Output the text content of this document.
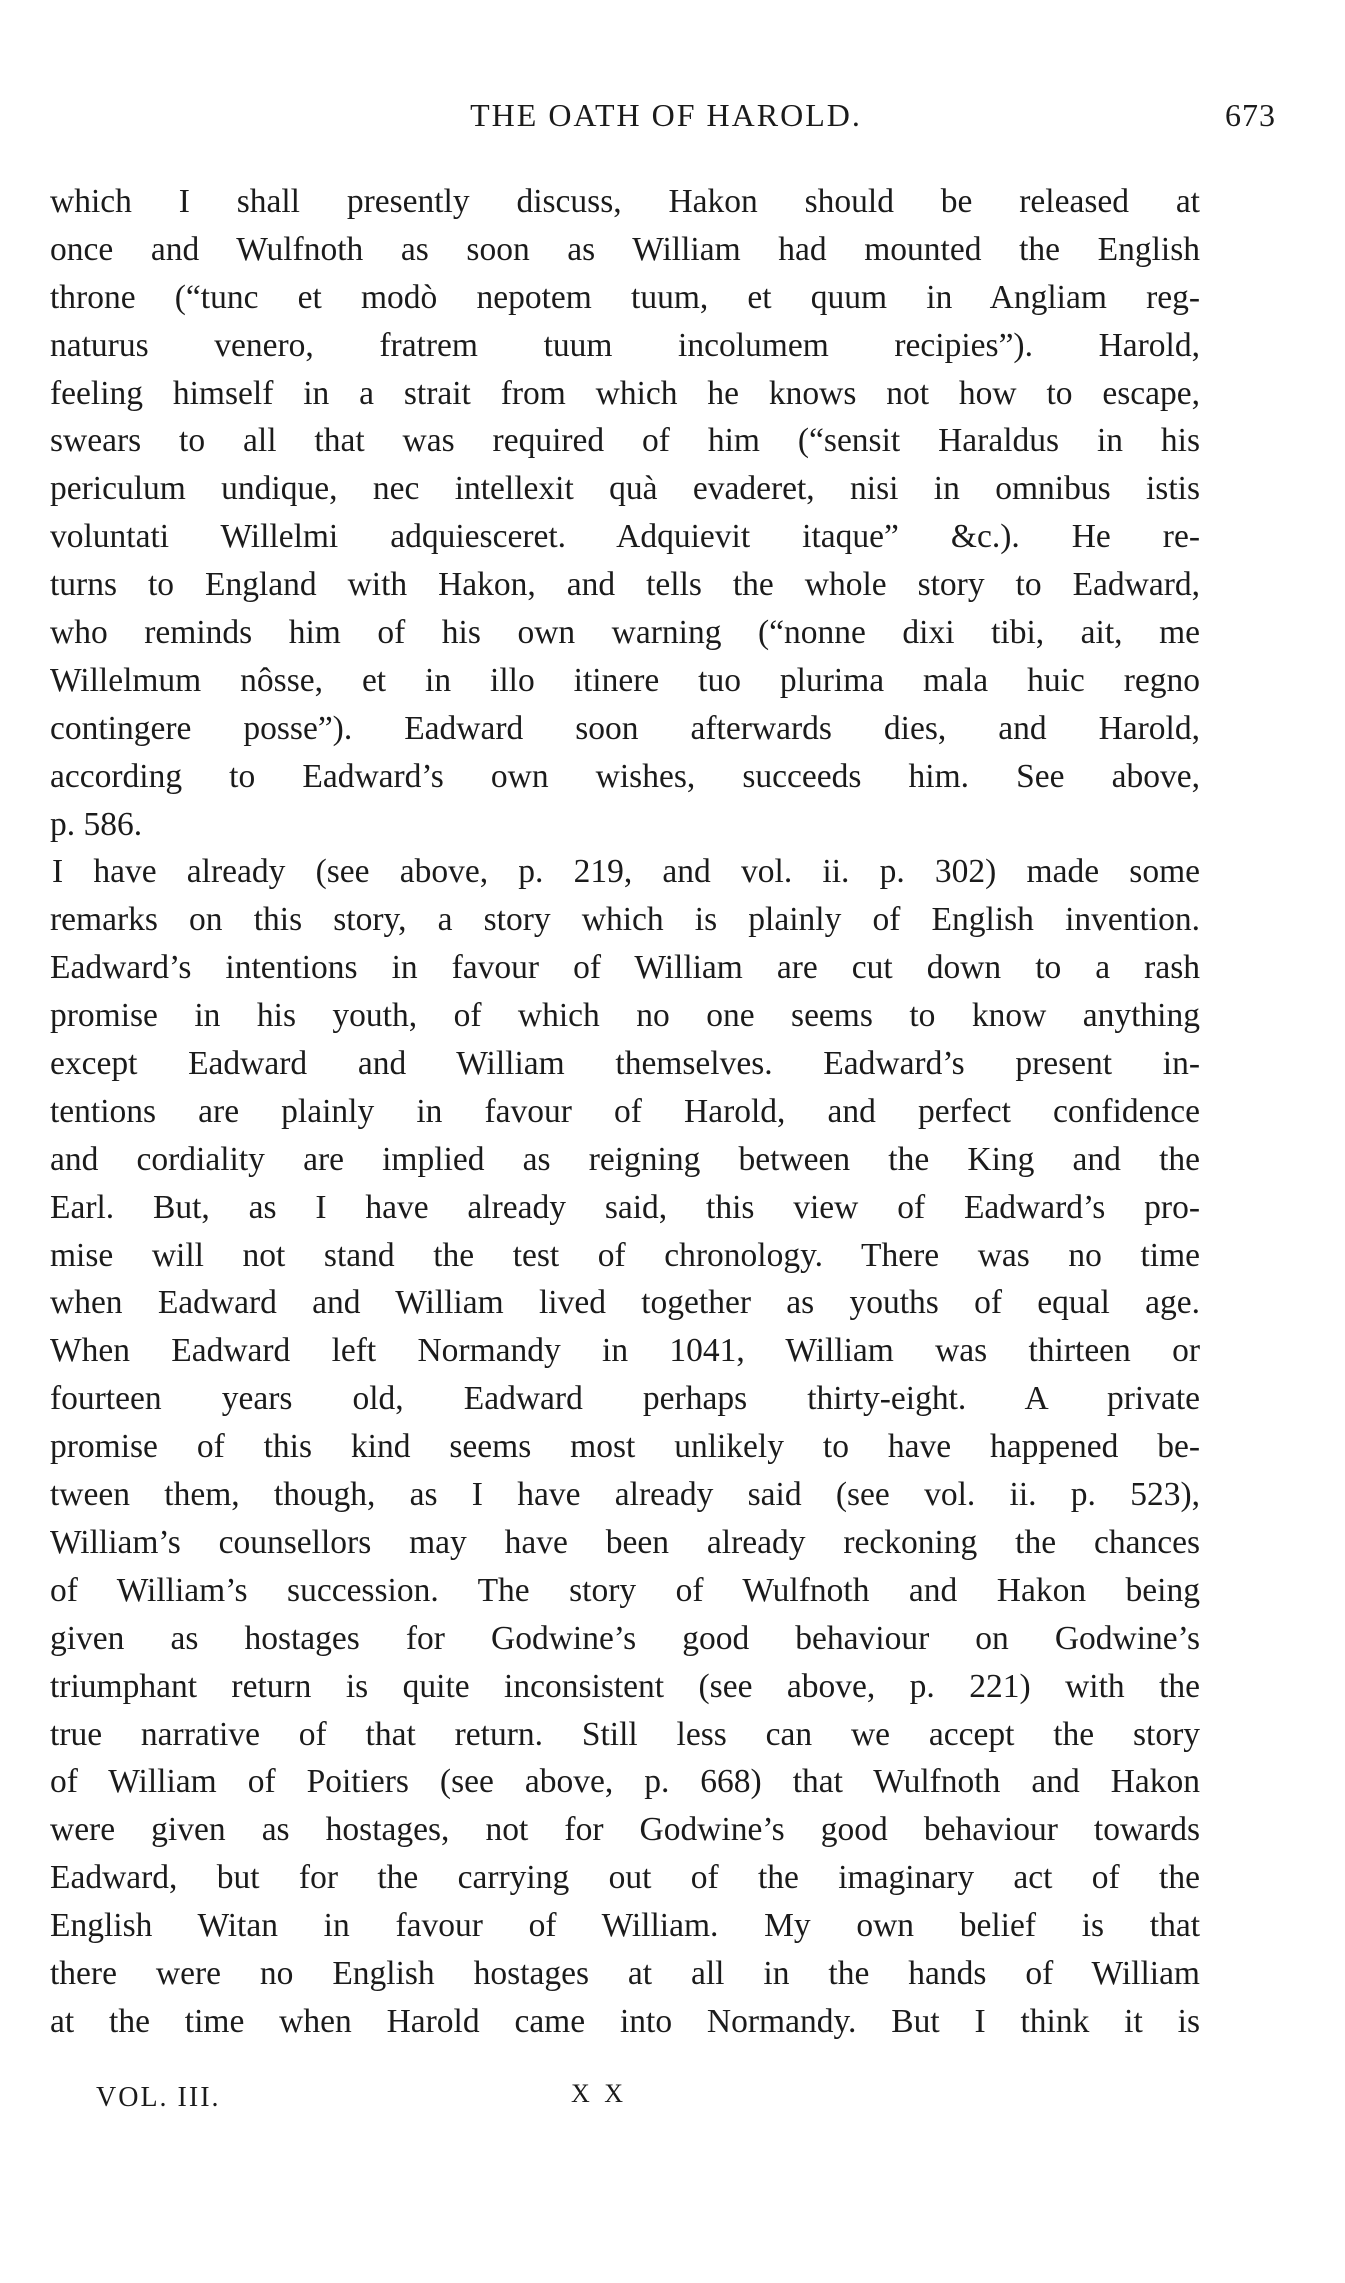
THE OATH OF HAROLD.	673
which I shall presently discuss, Hakon should be released at
once and Wulfnoth as soon as William had mounted the English
throne (“tunc et modò nepotem tuum, et quum in Angliam reg-
naturus venero, fratrem tuum incolumem recipies”). Harold,
feeling himself in a strait from which he knows not how to escape,
swears to all that was required of him (“sensit Haraldus in his
periculum undique, nec intellexit quà evaderet, nisi in omnibus istis
voluntati Willelmi adquiesceret. Adquievit itaque” &c.). He re-
turns to England with Hakon, and tells the whole story to Eadward,
who reminds him of his own warning (“nonne dixi tibi, ait, me
Willelmum nôsse, et in illo itinere tuo plurima mala huic regno
contingere posse”). Eadward soon afterwards dies, and Harold,
according to Eadward’s own wishes, succeeds him. See above,
p. 586.
I have already (see above, p. 219, and vol. ii. p. 302) made some
remarks on this story, a story which is plainly of English invention.
Eadward’s intentions in favour of William are cut down to a rash
promise in his youth, of which no one seems to know anything
except Eadward and William themselves. Eadward’s present in-
tentions are plainly in favour of Harold, and perfect confidence
and cordiality are implied as reigning between the King and the
Earl. But, as I have already said, this view of Eadward’s pro-
mise will not stand the test of chronology. There was no time
when Eadward and William lived together as youths of equal age.
When Eadward left Normandy in 1041, William was thirteen or
fourteen years old, Eadward perhaps thirty-eight. A private
promise of this kind seems most unlikely to have happened be-
tween them, though, as I have already said (see vol. ii. p. 523),
William’s counsellors may have been already reckoning the chances
of William’s succession. The story of Wulfnoth and Hakon being
given as hostages for Godwine’s good behaviour on Godwine’s
triumphant return is quite inconsistent (see above, p. 221) with the
true narrative of that return. Still less can we accept the story
of William of Poitiers (see above, p. 668) that Wulfnoth and Hakon
were given as hostages, not for Godwine’s good behaviour towards
Eadward, but for the carrying out of the imaginary act of the
English Witan in favour of William. My own belief is that
there were no English hostages at all in the hands of William
at the time when Harold came into Normandy. But I think it is
VOL. III.	X X
